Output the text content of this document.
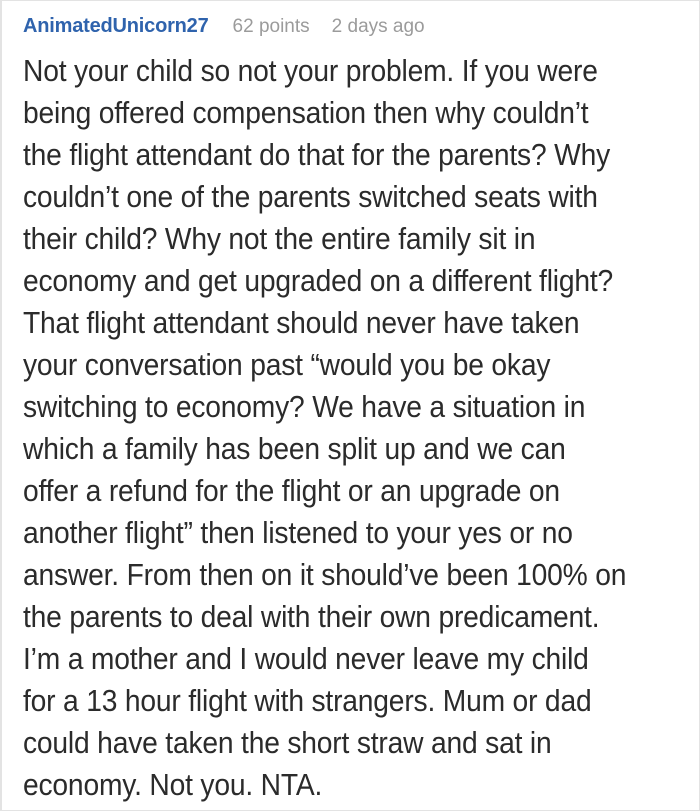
AnimatedUnicorn27 62 points 2 days ago
Not your child so not your problem. If you were
being offered compensation then why couldn’t
the flight attendant do that for the parents? Why
couldn’t one of the parents switched seats with
their child? Why not the entire family sit in
economy and get upgraded on a different flight?
That flight attendant should never have taken
your conversation past “would you be okay
switching to economy? We have a situation in
which a family has been split up and we can
offer a refund for the flight or an upgrade on
another flight” then listened to your yes or no
answer. From then on it should’ve been 100% on
the parents to deal with their own predicament.
I’m a mother and I would never leave my child
for a 13 hour flight with strangers. Mum or dad
could have taken the short straw and sat in
economy. Not you. NTA.
